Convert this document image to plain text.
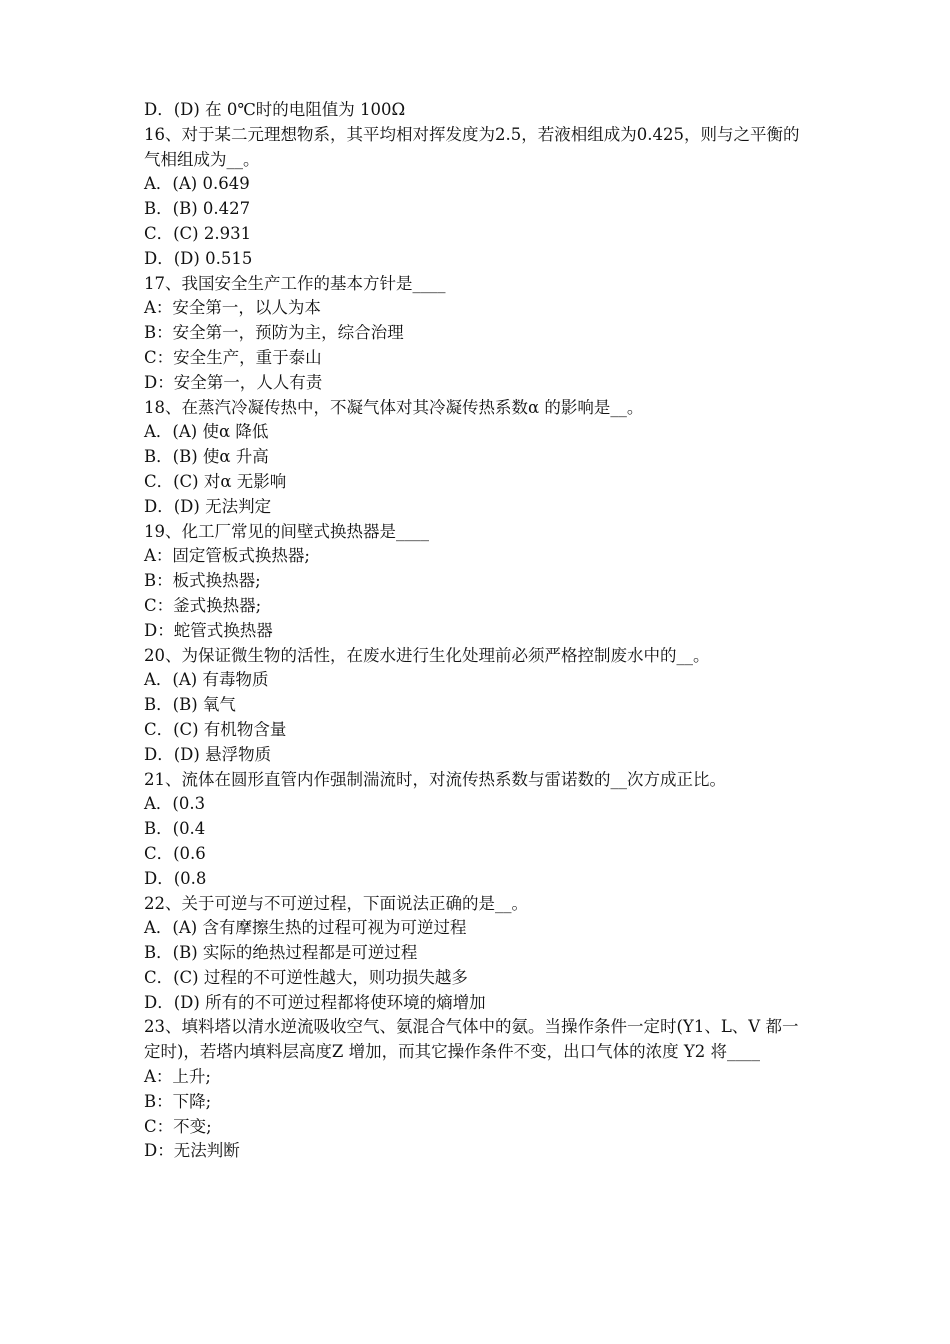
D．(D) 在 0℃时的电阻值为 100Ω
16、对于某二元理想物系，其平均相对挥发度为2.5，若液相组成为0.425，则与之平衡的气相组成为__。
A．(A) 0.649
B．(B) 0.427
C．(C) 2.931
D．(D) 0.515
17、我国安全生产工作的基本方针是____
A：安全第一，以人为本
B：安全第一，预防为主，综合治理
C：安全生产，重于泰山
D：安全第一，人人有责
18、在蒸汽冷凝传热中，不凝气体对其冷凝传热系数α 的影响是__。
A．(A) 使α 降低
B．(B) 使α 升高
C．(C) 对α 无影响
D．(D) 无法判定
19、化工厂常见的间壁式换热器是____
A：固定管板式换热器;
B：板式换热器;
C：釜式换热器;
D：蛇管式换热器
20、为保证微生物的活性，在废水进行生化处理前必须严格控制废水中的__。
A．(A) 有毒物质
B．(B) 氧气
C．(C) 有机物含量
D．(D) 悬浮物质
21、流体在圆形直管内作强制湍流时，对流传热系数与雷诺数的__次方成正比。
A．(0.3
B．(0.4
C．(0.6
D．(0.8
22、关于可逆与不可逆过程，下面说法正确的是__。
A．(A) 含有摩擦生热的过程可视为可逆过程
B．(B) 实际的绝热过程都是可逆过程
C．(C) 过程的不可逆性越大，则功损失越多
D．(D) 所有的不可逆过程都将使环境的熵增加
23、填料塔以清水逆流吸收空气、氨混合气体中的氨。当操作条件一定时(Y1、L、V 都一定时)，若塔内填料层高度Z 增加，而其它操作条件不变，出口气体的浓度 Y2 将____
A：上升;
B：下降;
C：不变;
D：无法判断
